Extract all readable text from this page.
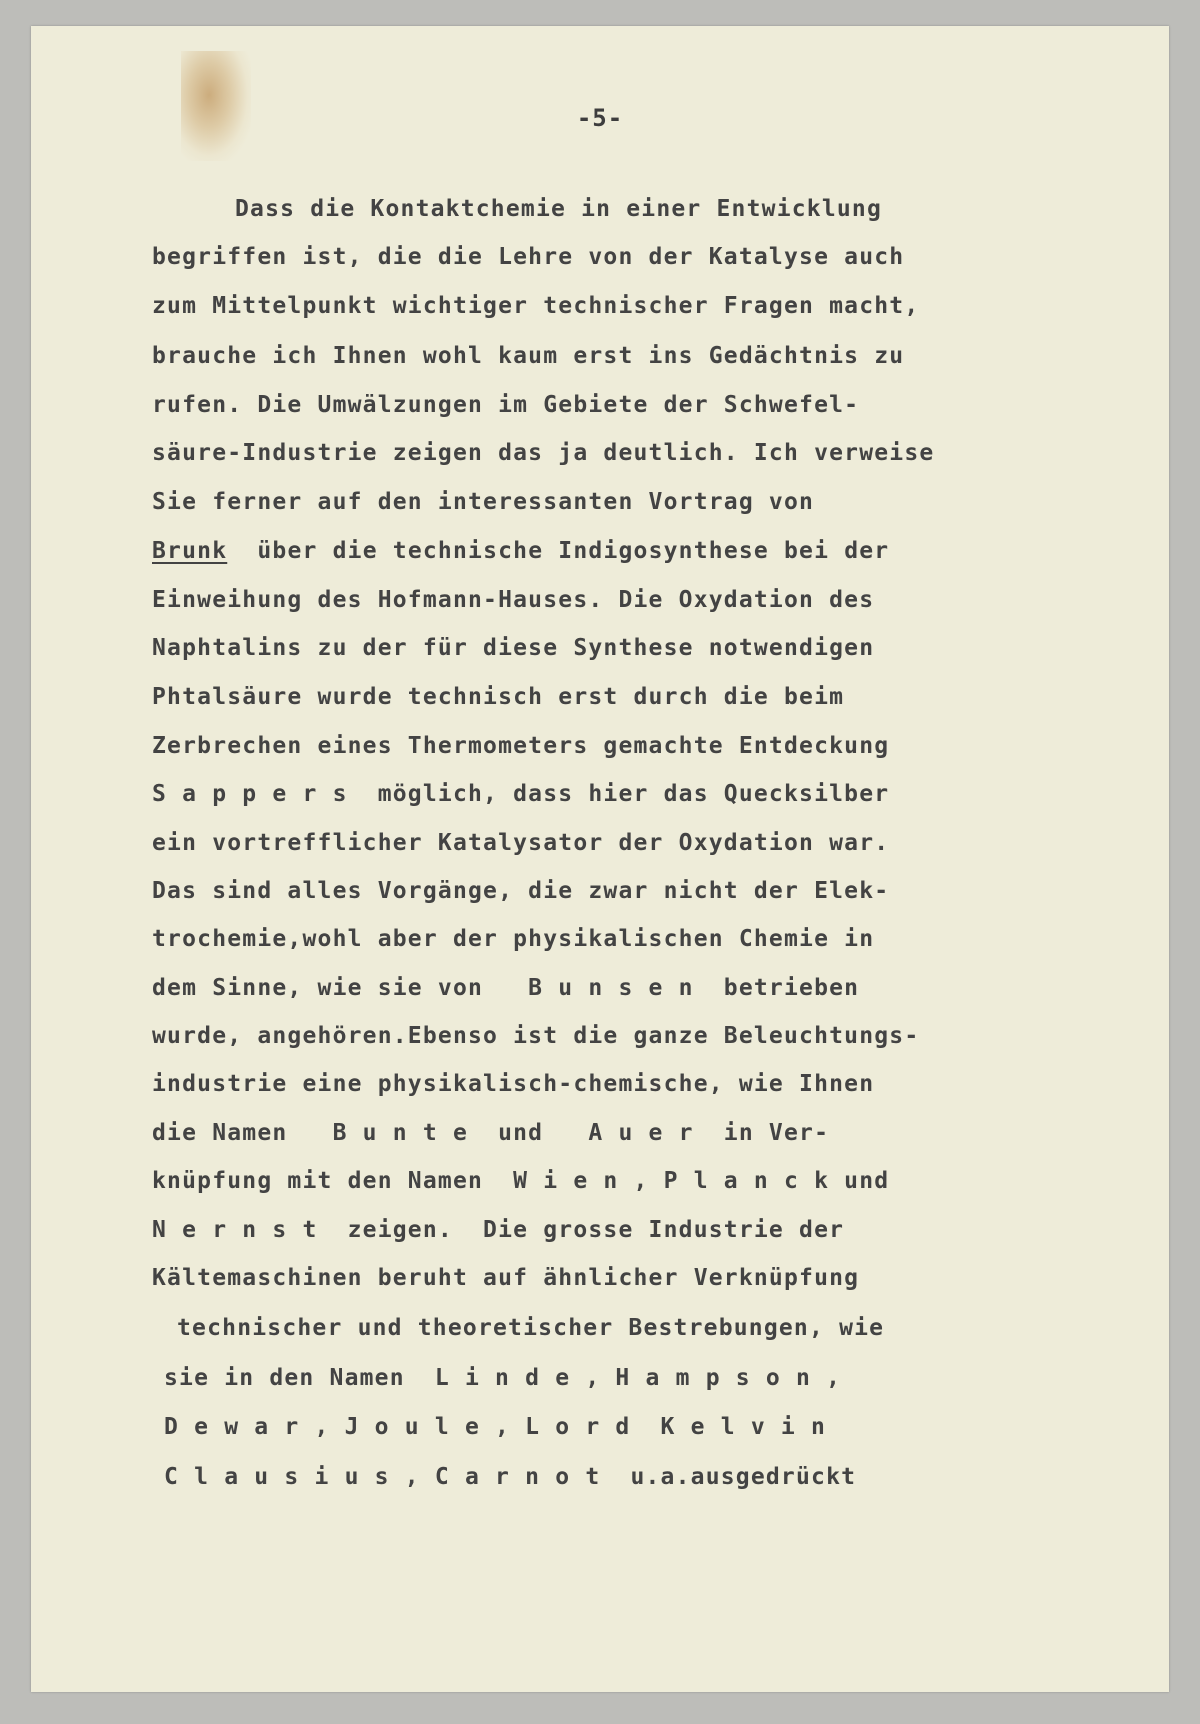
-5-
Dass die Kontaktchemie in einer Entwicklung
begriffen ist, die die Lehre von der Katalyse auch
zum Mittelpunkt wichtiger technischer Fragen macht,
brauche ich Ihnen wohl kaum erst ins Gedächtnis zu
rufen. Die Umwälzungen im Gebiete der Schwefel-
säure-Industrie zeigen das ja deutlich. Ich verweise
Sie ferner auf den interessanten Vortrag von
Brunk über die technische Indigosynthese bei der
Einweihung des Hofmann-Hauses. Die Oxydation des
Naphtalins zu der für diese Synthese notwendigen
Phtalsäure wurde technisch erst durch die beim
Zerbrechen eines Thermometers gemachte Entdeckung
S a p p e r s  möglich, dass hier das Quecksilber
ein vortrefflicher Katalysator der Oxydation war.
Das sind alles Vorgänge, die zwar nicht der Elek-
trochemie,wohl aber der physikalischen Chemie in
dem Sinne, wie sie von   B u n s e n  betrieben
wurde, angehören.Ebenso ist die ganze Beleuchtungs-
industrie eine physikalisch-chemische, wie Ihnen
die Namen   B u n t e  und   A u e r  in Ver-
knüpfung mit den Namen  W i e n , P l a n c k und
N e r n s t  zeigen.  Die grosse Industrie der
Kältemaschinen beruht auf ähnlicher Verknüpfung
technischer und theoretischer Bestrebungen, wie
sie in den Namen  L i n d e , H a m p s o n ,
D e w a r , J o u l e , L o r d  K e l v i n
C l a u s i u s , C a r n o t  u.a.ausgedrückt
